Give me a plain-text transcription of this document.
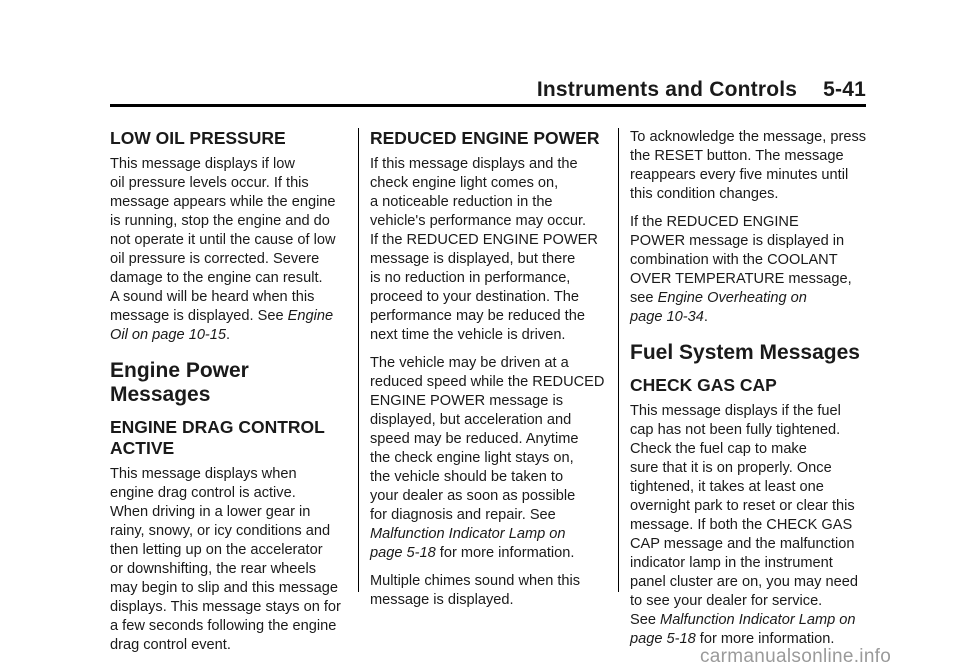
Instruments and Controls 5-41
LOW OIL PRESSURE

This message displays if low
oil pressure levels occur. If this
message appears while the engine
is running, stop the engine and do
not operate it until the cause of low
oil pressure is corrected. Severe
damage to the engine can result.
A sound will be heard when this
message is displayed. See Engine
Oil on page 10-15.

Engine Power Messages
ENGINE DRAG CONTROL
ACTIVE

This message displays when
engine drag control is active.
When driving in a lower gear in
rainy, snowy, or icy conditions and
then letting up on the accelerator
or downshifting, the rear wheels
may begin to slip and this message
displays. This message stays on for
a few seconds following the engine
drag control event.

REDUCED ENGINE POWER

If this message displays and the
check engine light comes on,
a noticeable reduction in the
vehicle's performance may occur.
If the REDUCED ENGINE POWER
message is displayed, but there
is no reduction in performance,
proceed to your destination. The
performance may be reduced the
next time the vehicle is driven.

The vehicle may be driven at a
reduced speed while the REDUCED
ENGINE POWER message is
displayed, but acceleration and
speed may be reduced. Anytime
the check engine light stays on,
the vehicle should be taken to
your dealer as soon as possible
for diagnosis and repair. See
Malfunction Indicator Lamp on
page 5-18 for more information.

Multiple chimes sound when this
message is displayed.

To acknowledge the message, press
the RESET button. The message
reappears every five minutes until
this condition changes.

If the REDUCED ENGINE
POWER message is displayed in
combination with the COOLANT
OVER TEMPERATURE message,
see Engine Overheating on
page 10-34.

Fuel System Messages
CHECK GAS CAP

This message displays if the fuel
cap has not been fully tightened.
Check the fuel cap to make
sure that it is on properly. Once
tightened, it takes at least one
overnight park to reset or clear this
message. If both the CHECK GAS
CAP message and the malfunction
indicator lamp in the instrument
panel cluster are on, you may need
to see your dealer for service.
See Malfunction Indicator Lamp on
page 5-18 for more information.

carmanualsonline.info
